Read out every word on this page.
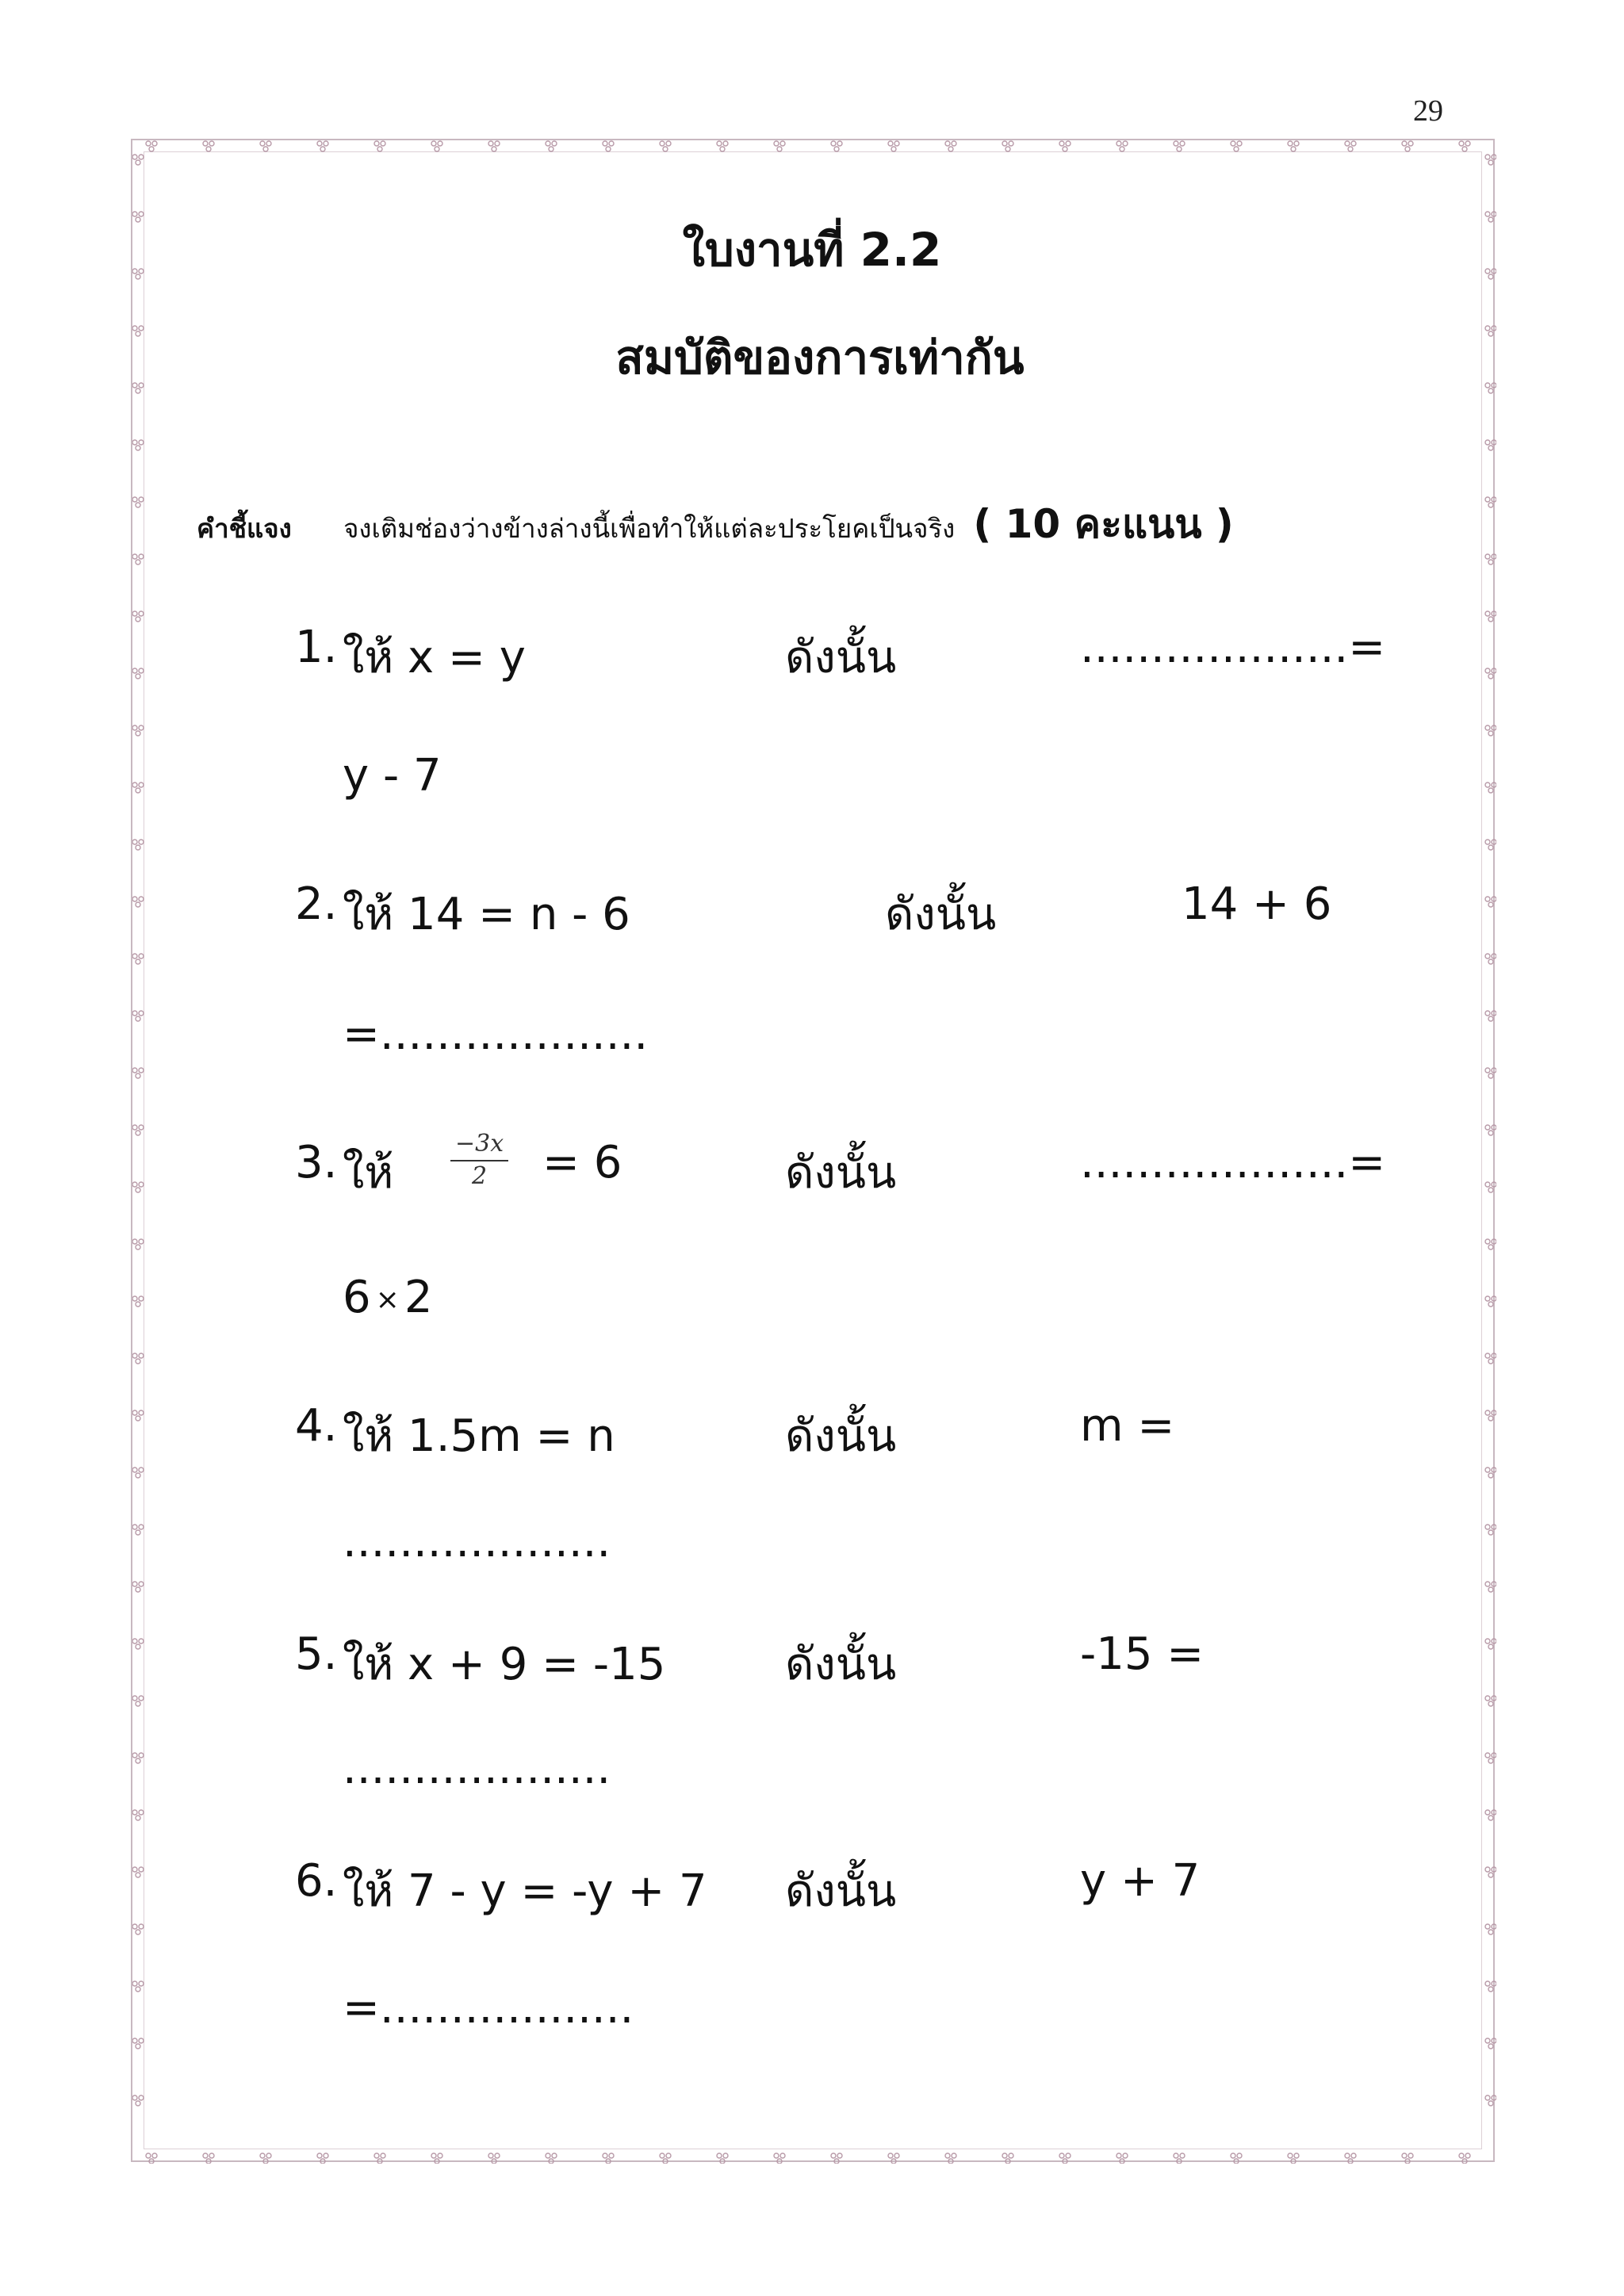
29
ใบงานที่ 2.2
สมบัติของการเท่ากัน
คำชี้แจง จงเติมช่องว่างข้างล่างนี้เพื่อทำให้แต่ละประโยคเป็นจริง ( 10 คะแนน )
1. ให้ x = y	ดังนั้น	...................=
y - 7
2. ให้ 14 = n - 6	ดังนั้น	14 + 6
=...................
3. ให้ $\frac{-3x}{2} = 6$	ดังนั้น	...................=
6 × 2
4. ให้ 1.5m = n	ดังนั้น	m =
...................
5. ให้ x + 9 = -15	ดังนั้น	-15 =
...................
6. ให้ 7 - y = -y + 7 ดังนั้น	y + 7
=..................
